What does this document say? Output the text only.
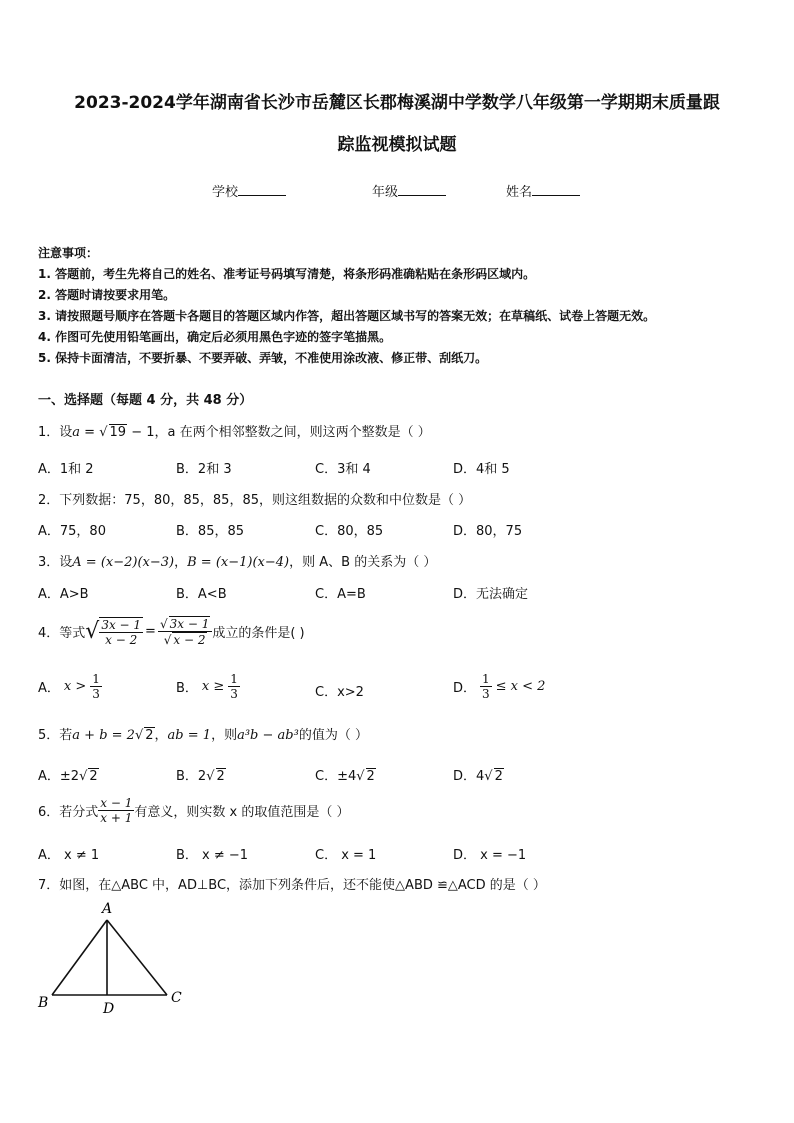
2023-2024学年湖南省长沙市岳麓区长郡梅溪湖中学数学八年级第一学期期末质量跟
踪监视模拟试题
学校	年级	姓名
注意事项：
1. 答题前，考生先将自己的姓名、准考证号码填写清楚，将条形码准确粘贴在条形码区域内。
2. 答题时请按要求用笔。
3. 请按照题号顺序在答题卡各题目的答题区域内作答，超出答题区域书写的答案无效；在草稿纸、试卷上答题无效。
4. 作图可先使用铅笔画出，确定后必须用黑色字迹的签字笔描黑。
5. 保持卡面清洁，不要折暴、不要弄破、弄皱，不准使用涂改液、修正带、刮纸刀。
一、选择题（每题 4 分，共 48 分）
1．设a = √ 19 − 1，a 在两个相邻整数之间，则这两个整数是（ ）
A．1和 2	B．2和 3	C．3和 4	D．4和 5
2．下列数据：75，80，85，85，85，则这组数据的众数和中位数是（ ）
A．75，80	B．85，85	C．80，85	D．80，75
3．设A = (x−2)(x−3)，B = (x−1)(x−4)，则 A、B 的关系为（ ）
A．A>B	B．A<B	C．A=B	D．无法确定
4．等式 √ $\frac{3x - 1}{x - 2} = \frac{√ 3x - 1}{√ x - 2}$ 成立的条件是( )
A． $x > \frac{1}{3}$	B． $x \ge \frac{1}{3}$	C．x>2	D． $\frac{1}{3} \le x < 2$
5．若a + b = 2√ 2，ab = 1，则a³b − ab³的值为（ ）
A．±2√ 2	B．2√ 2	C．±4√ 2	D．4√ 2
6．若分式 $\frac{x - 1}{x + 1}$ 有意义，则实数 x 的取值范围是（ ）
A． x ≠ 1	B． x ≠ −1	C． x = 1	D． x = −1
7．如图，在△ABC 中，AD⊥BC，添加下列条件后，还不能使△ABD ≌△ACD 的是（ ）
A
B	C
D
